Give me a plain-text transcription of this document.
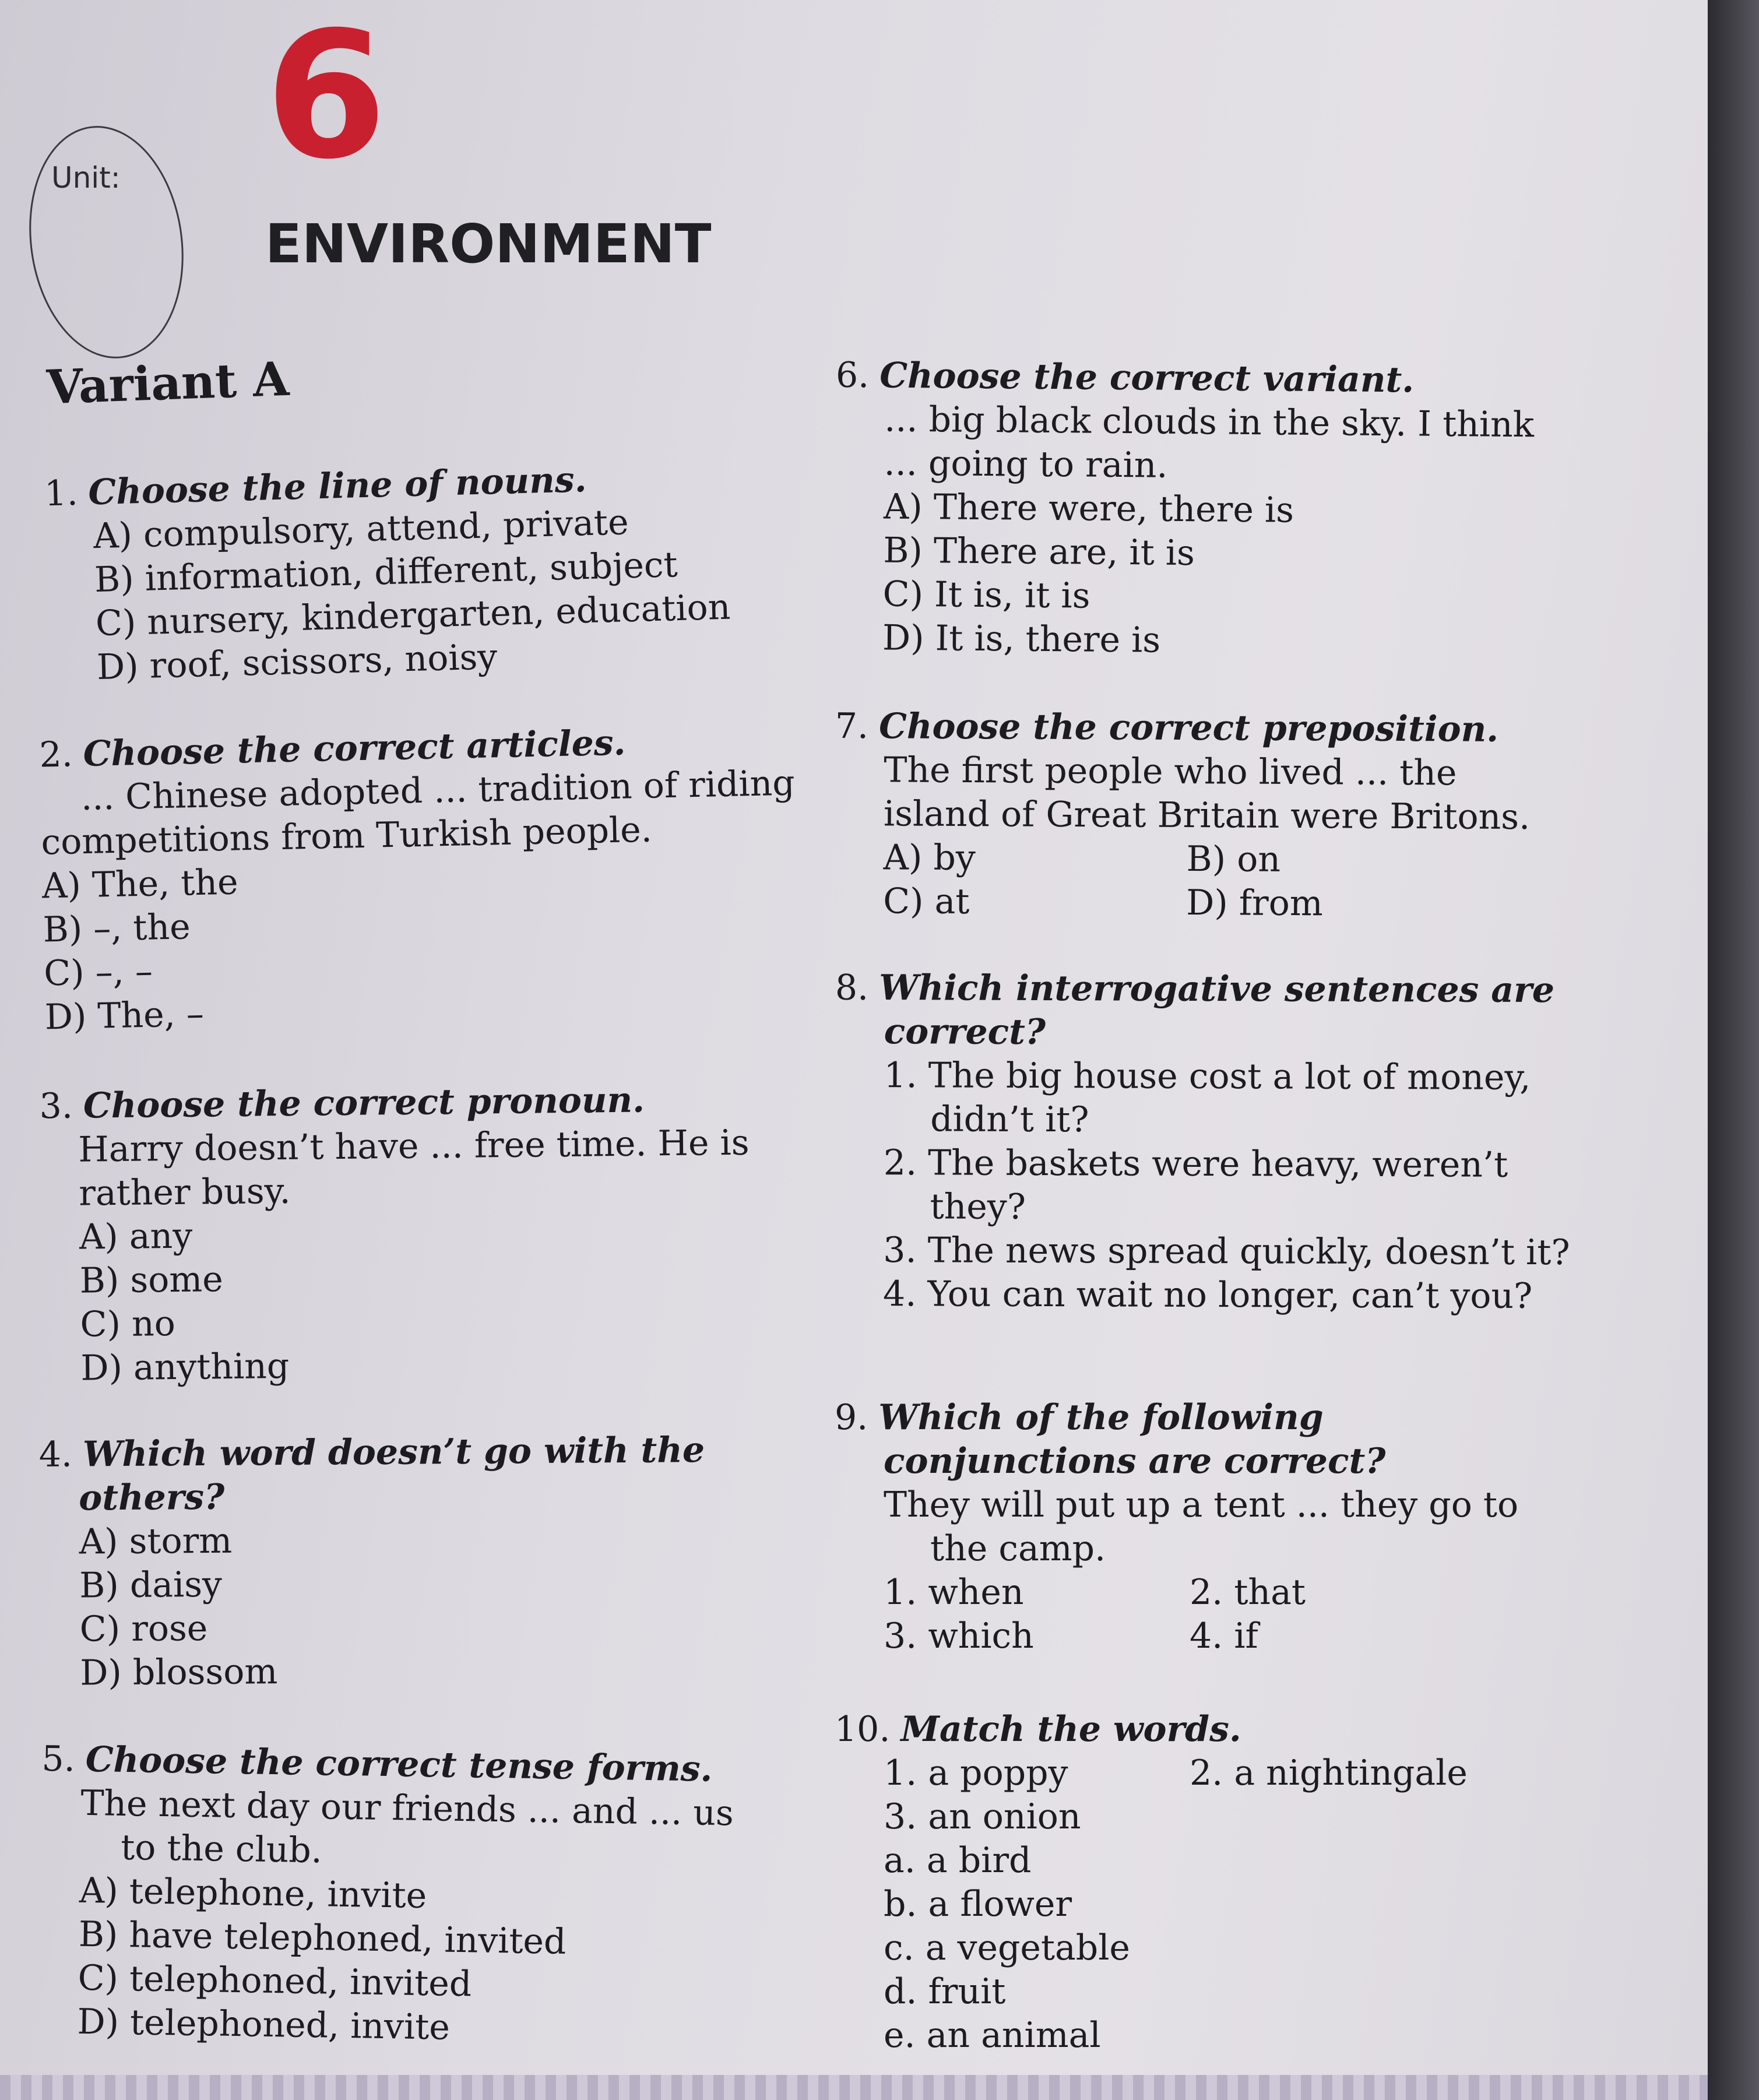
Unit: 6
ENVIRONMENT
Variant A
1. Choose the line of nouns.
A) compulsory, attend, private
B) information, different, subject
C) nursery, kindergarten, education
D) roof, scissors, noisy
2. Choose the correct articles.
... Chinese adopted ... tradition of riding
competitions from Turkish people.
A) The, the
B) –, the
C) –, –
D) The, –
3. Choose the correct pronoun.
Harry doesn’t have ... free time. He is
rather busy.
A) any
B) some
C) no
D) anything
4. Which word doesn’t go with the
others?
A) storm
B) daisy
C) rose
D) blossom
5. Choose the correct tense forms.
The next day our friends ... and ... us
to the club.
A) telephone, invite
B) have telephoned, invited
C) telephoned, invited
D) telephoned, invite
6. Choose the correct variant.
... big black clouds in the sky. I think
... going to rain.
A) There were, there is
B) There are, it is
C) It is, it is
D) It is, there is
7. Choose the correct preposition.
The first people who lived ... the
island of Great Britain were Britons.
A) by	B) on
C) at	D) from
8. Which interrogative sentences are
correct?
1. The big house cost a lot of money,
didn’t it?
2. The baskets were heavy, weren’t
they?
3. The news spread quickly, doesn’t it?
4. You can wait no longer, can’t you?
9. Which of the following
conjunctions are correct?
They will put up a tent ... they go to
the camp.
1. when	2. that
3. which	4. if
10. Match the words.
1. a poppy	2. a nightingale
3. an onion
a. a bird
b. a flower
c. a vegetable
d. fruit
e. an animal
